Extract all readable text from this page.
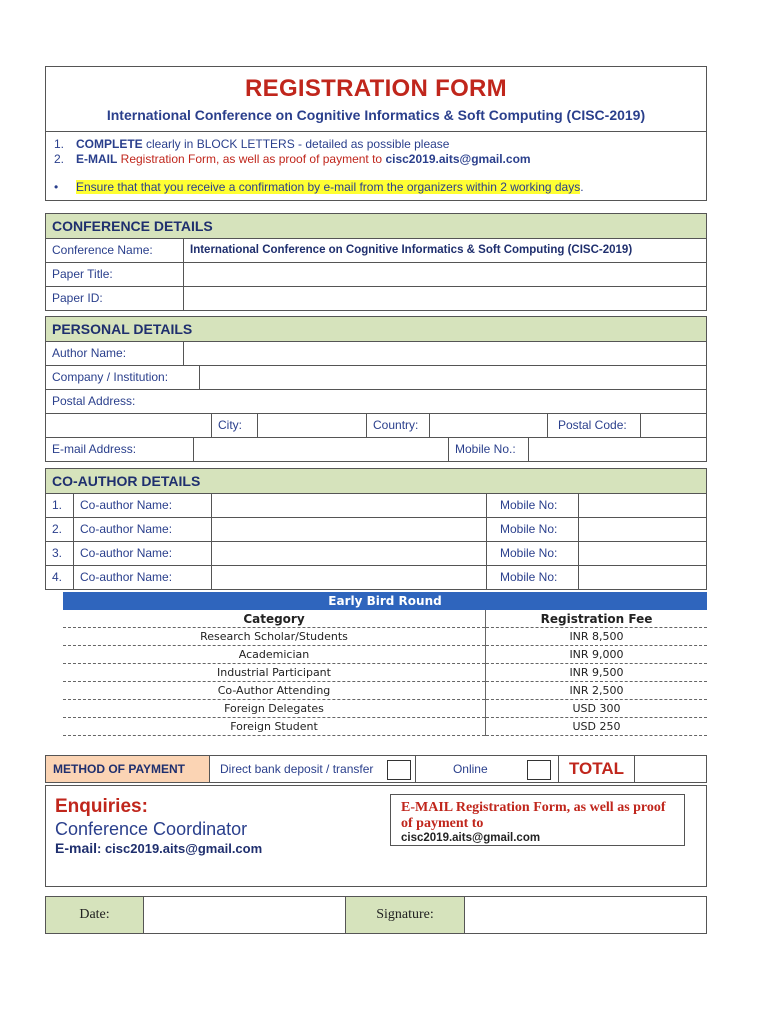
REGISTRATION FORM
International Conference on Cognitive Informatics & Soft Computing (CISC-2019)
1. COMPLETE clearly in BLOCK LETTERS - detailed as possible please
2. E-MAIL Registration Form, as well as proof of payment to cisc2019.aits@gmail.com
• Ensure that that you receive a confirmation by e-mail from the organizers within 2 working days.
CONFERENCE DETAILS
Conference Name:	International Conference on Cognitive Informatics & Soft Computing (CISC-2019)
Paper Title:
Paper ID:
PERSONAL DETAILS
Author Name:
Company / Institution:
Postal Address:
City:	Country:	Postal Code:
E-mail Address:	Mobile No.:
CO-AUTHOR DETAILS
1.	Co-author Name:	Mobile No:
2.	Co-author Name:	Mobile No:
3.	Co-author Name:	Mobile No:
4.	Co-author Name:	Mobile No:
Early Bird Round	
Category	Registration Fee
Research Scholar/Students	INR 8,500
Academician	INR 9,000
Industrial Participant	INR 9,500
Co-Author Attending	INR 2,500
Foreign Delegates	USD 300
Foreign Student	USD 250
METHOD OF PAYMENT	Direct bank deposit / transfer	Online	TOTAL
Enquiries:
Conference Coordinator
E-mail: cisc2019.aits@gmail.com
E-MAIL Registration Form, as well as proof of payment to
cisc2019.aits@gmail.com
Date:	Signature:
